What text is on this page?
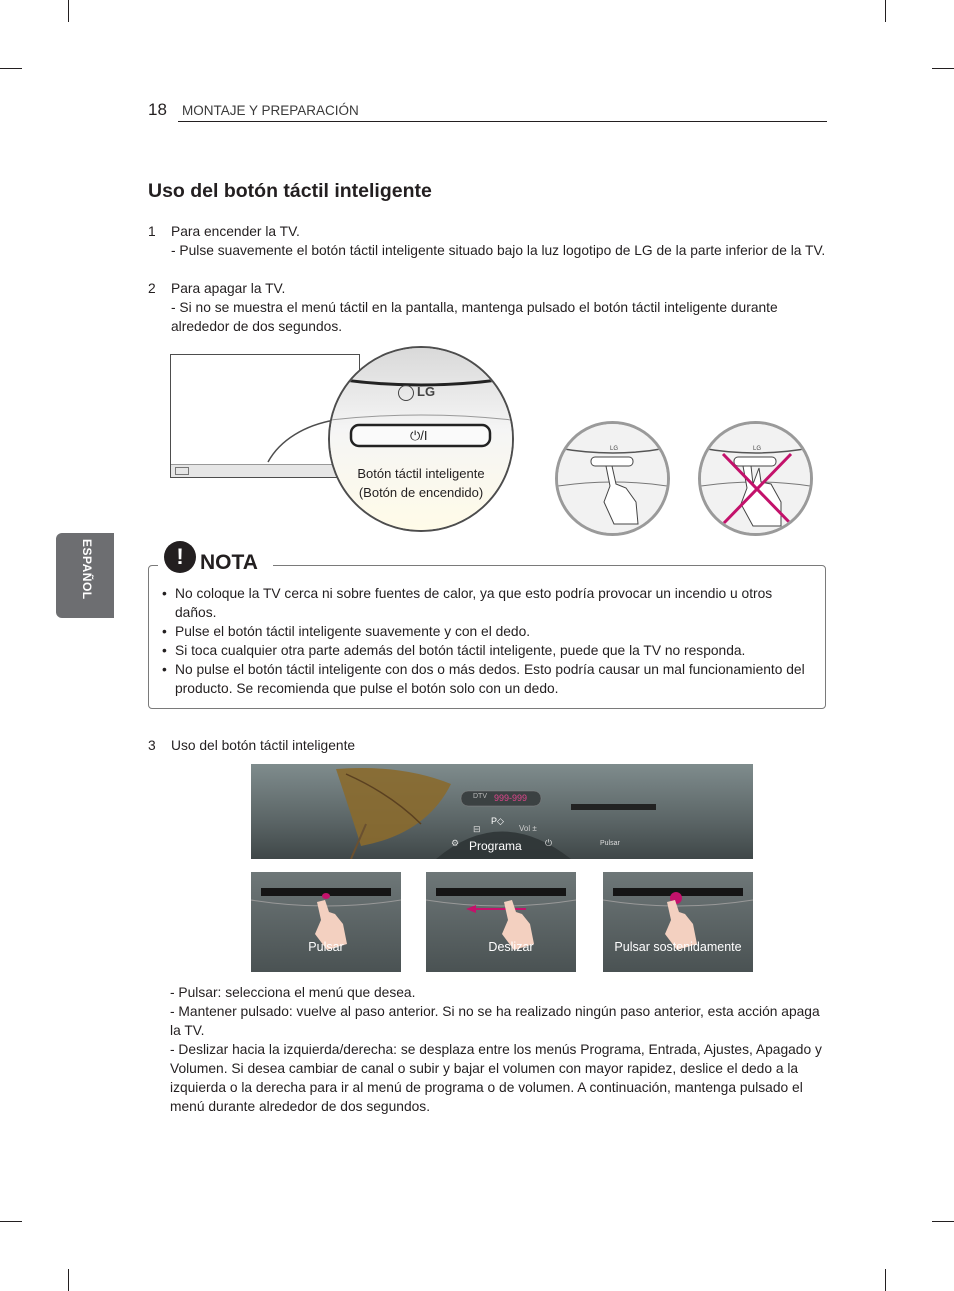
18 MONTAJE Y PREPARACIÓN
ESPAÑOL
Uso del botón táctil inteligente
1 Para encender la TV.
- Pulse suavemente el botón táctil inteligente situado bajo la luz logotipo de LG de la parte inferior de la TV.
2 Para apagar la TV.
- Si no se muestra el menú táctil en la pantalla, mantenga pulsado el botón táctil inteligente durante alrededor de dos segundos.
LG
⏻/I
Botón táctil inteligente
(Botón de encendido)
LG	LG
! NOTA
• No coloque la TV cerca ni sobre fuentes de calor, ya que esto podría provocar un incendio u otros daños.
• Pulse el botón táctil inteligente suavemente y con el dedo.
• Si toca cualquier otra parte además del botón táctil inteligente, puede que la TV no responda.
• No pulse el botón táctil inteligente con dos o más dedos. Esto podría causar un mal funcionamiento del producto. Se recomienda que pulse el botón solo con un dedo.
3 Uso del botón táctil inteligente
DTV 999-999
P◇
⊟	Vol ±
⚙	⏻
Programa	Pulsar
Pulsar	Deslizar	Pulsar sostenidamente
- Pulsar: selecciona el menú que desea.
- Mantener pulsado: vuelve al paso anterior. Si no se ha realizado ningún paso anterior, esta acción apaga la TV.
- Deslizar hacia la izquierda/derecha: se desplaza entre los menús Programa, Entrada, Ajustes, Apagado y Volumen. Si desea cambiar de canal o subir y bajar el volumen con mayor rapidez, deslice el dedo a la izquierda o la derecha para ir al menú de programa o de volumen. A continuación, mantenga pulsado el menú durante alrededor de dos segundos.
